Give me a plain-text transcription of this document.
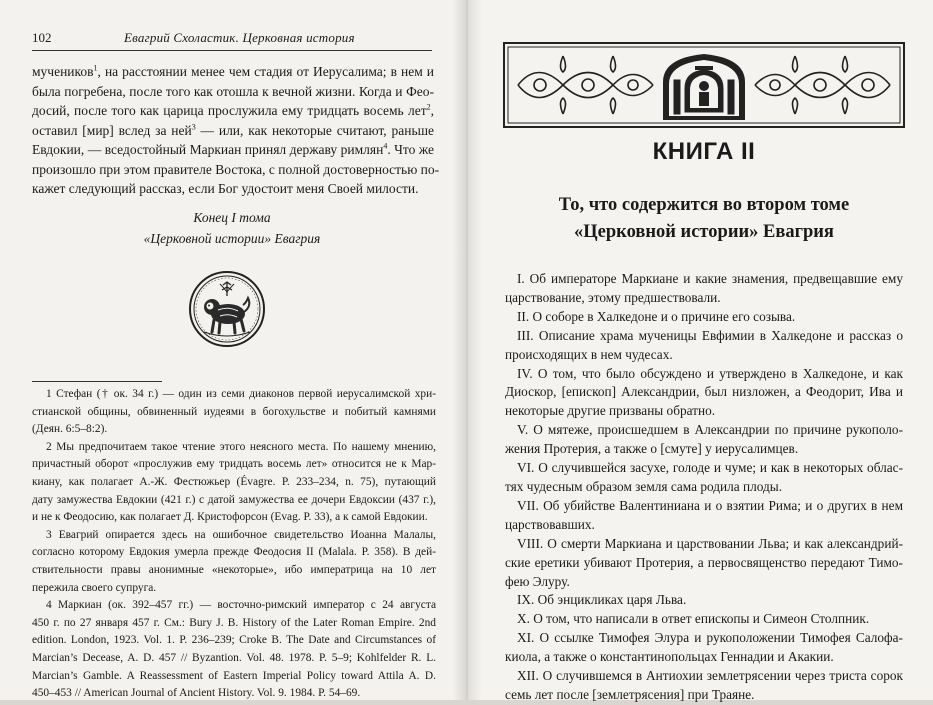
102	Евагрий Схоластик. Церковная история
мучеников$^1$, на расстоянии менее чем стадия от Иерусалима; в нем и
была погребена, после того как отошла к вечной жизни. Когда и Фео-
досий, после того как царица прослужила ему тридцать восемь лет$^2$,
оставил [мир] вслед за ней$^3$ — или, как некоторые считают, раньше
Евдокии, — вседостойный Маркиан принял державу римлян$^4$. Что же
произошло при этом правителе Востока, с полной достоверностью по-
кажет следующий рассказ, если Бог удостоит меня Своей милости.
Конец I тома
«Церковной истории» Евагрия
1 Стефан († ок. 34 г.) — один из семи диаконов первой иерусалимской хри-
стианской общины, обвиненный иудеями в богохульстве и побитый камнями
(Деян. 6:5–8:2).
2 Мы предпочитаем такое чтение этого неясного места. По нашему мнению,
причастный оборот «прослужив ему тридцать восемь лет» относится не к Мар-
киану, как полагает А.-Ж. Фестюжьер (Évagre. P. 233–234, n. 75), путающий
дату замужества Евдокии (421 г.) с датой замужества ее дочери Евдоксии (437 г.),
и не к Феодосию, как полагает Д. Кристофорсон (Evag. P. 33), а к самой Евдокии.
3 Евагрий опирается здесь на ошибочное свидетельство Иоанна Малалы,
согласно которому Евдокия умерла прежде Феодосия II (Malala. P. 358). В дей-
ствительности правы анонимные «некоторые», ибо императрица на 10 лет
пережила своего супруга.
4 Маркиан (ок. 392–457 гг.) — восточно-римский император с 24 августа
450 г. по 27 января 457 г. См.: Bury J. B. History of the Later Roman Empire. 2nd
edition. London, 1923. Vol. 1. P. 236–239; Croke B. The Date and Circumstances of
Marcian’s Decease, A. D. 457 // Byzantion. Vol. 48. 1978. P. 5–9; Kohlfelder R. L.
Marcian’s Gamble. A Reassessment of Eastern Imperial Policy toward Attila A. D.
450–453 // American Journal of Ancient History. Vol. 9. 1984. P. 54–69.
КНИГА II
То, что содержится во втором томе
«Церковной истории» Евагрия
I. Об императоре Маркиане и какие знамения, предвещавшие ему
царствование, этому предшествовали.
II. О соборе в Халкедоне и о причине его созыва.
III. Описание храма мученицы Евфимии в Халкедоне и рассказ о
происходящих в нем чудесах.
IV. О том, что было обсуждено и утверждено в Халкедоне, и как
Диоскор, [епископ] Александрии, был низложен, а Феодорит, Ива и
некоторые другие призваны обратно.
V. О мятеже, происшедшем в Александрии по причине рукополо-
жения Протерия, а также о [смуте] у иерусалимцев.
VI. О случившейся засухе, голоде и чуме; и как в некоторых облас-
тях чудесным образом земля сама родила плоды.
VII. Об убийстве Валентиниана и о взятии Рима; и о других в нем
царствовавших.
VIII. О смерти Маркиана и царствовании Льва; и как александрий-
ские еретики убивают Протерия, а первосвященство передают Тимо-
фею Элуру.
IX. Об энцикликах царя Льва.
X. О том, что написали в ответ епископы и Симеон Столпник.
XI. О ссылке Тимофея Элура и рукоположении Тимофея Салофа-
киола, а также о константинопольцах Геннадии и Акакии.
XII. О случившемся в Антиохии землетрясении через триста сорок
семь лет после [землетрясения] при Траяне.
